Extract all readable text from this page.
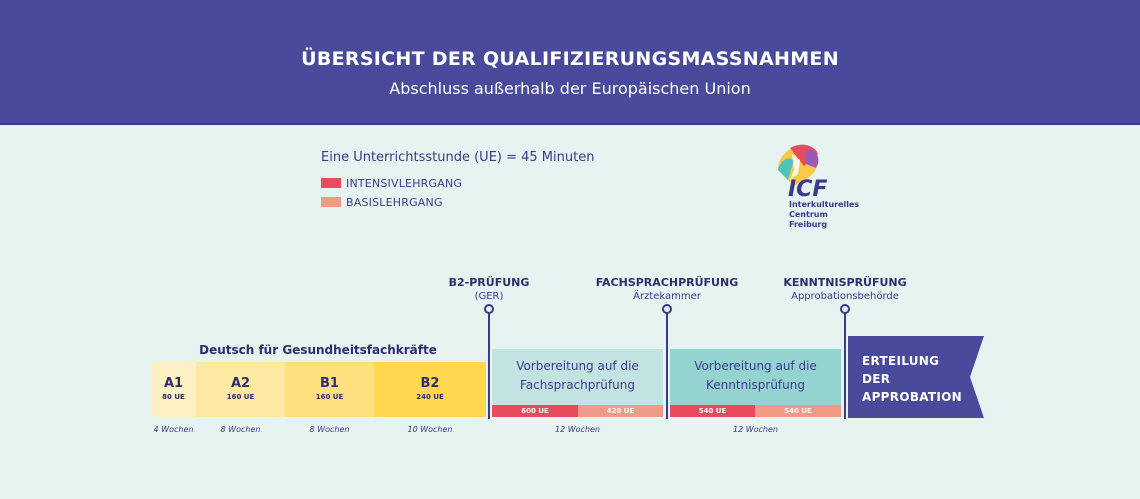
ÜBERSICHT DER QUALIFIZIERUNGSMASSNAHMEN
Abschluss außerhalb der Europäischen Union
Eine Unterrichtsstunde (UE) = 45 Minuten
INTENSIVLEHRGANG
BASISLEHRGANG	ICF
Interkulturelles
Centrum
Freiburg
B2-PRÜFUNG
(GER)
FACHSPRACHPRÜFUNG
Ärztekammer
KENNTNISPRÜFUNG
Approbationsbehörde
Deutsch für Gesundheitsfachkräfte
A1
80 UE
A2
160 UE
B1
160 UE
B2
240 UE
Vorbereitung auf die
Fachsprachprüfung
600 UE	420 UE
Vorbereitung auf die
Kenntnisprüfung
540 UE	540 UE
ERTEILUNG
DER
APPROBATION
4 Wochen	8 Wochen	8 Wochen	10 Wochen	12 Wochen	12 Wochen
